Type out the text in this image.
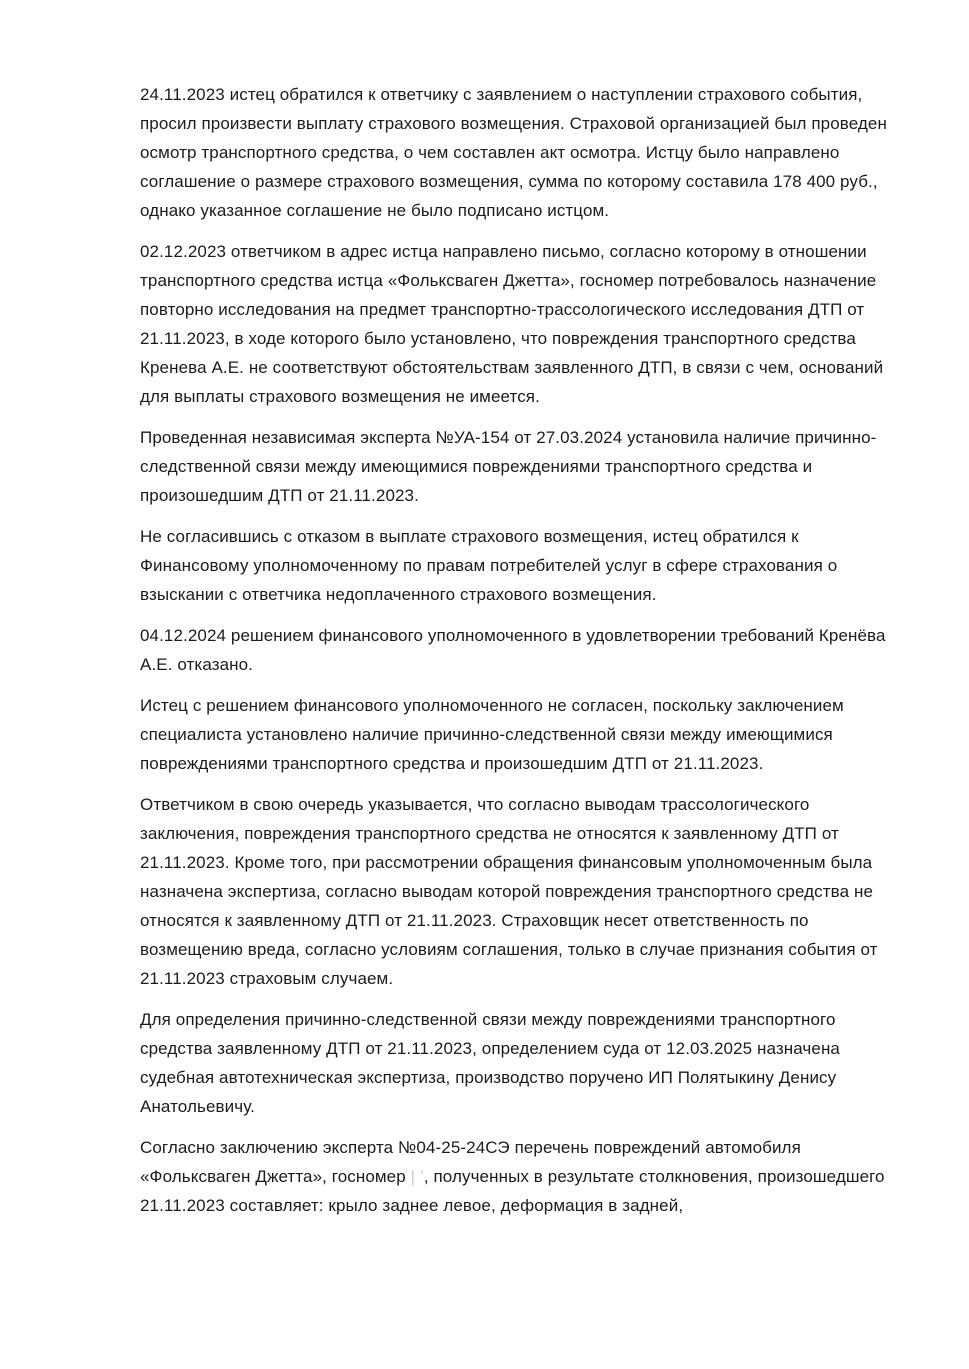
24.11.2023 истец обратился к ответчику с заявлением о наступлении страхового события, просил произвести выплату страхового возмещения. Страховой организацией был проведен осмотр транспортного средства, о чем составлен акт осмотра. Истцу было направлено соглашение о размере страхового возмещения, сумма по которому составила 178 400 руб., однако указанное соглашение не было подписано истцом.

02.12.2023 ответчиком в адрес истца направлено письмо, согласно которому в отношении транспортного средства истца «Фольксваген Джетта», госномер потребовалось назначение повторно исследования на предмет транспортно-трассологического исследования ДТП от 21.11.2023, в ходе которого было установлено, что повреждения транспортного средства Кренева А.Е. не соответствуют обстоятельствам заявленного ДТП, в связи с чем, оснований для выплаты страхового возмещения не имеется.

Проведенная независимая эксперта №УА-154 от 27.03.2024 установила наличие причинно-следственной связи между имеющимися повреждениями транспортного средства и произошедшим ДТП от 21.11.2023.

Не согласившись с отказом в выплате страхового возмещения, истец обратился к Финансовому уполномоченному по правам потребителей услуг в сфере страхования о взыскании с ответчика недоплаченного страхового возмещения.

04.12.2024 решением финансового уполномоченного в удовлетворении требований Кренёва А.Е. отказано.

Истец с решением финансового уполномоченного не согласен, поскольку заключением специалиста установлено наличие причинно-следственной связи между имеющимися повреждениями транспортного средства и произошедшим ДТП от 21.11.2023.

Ответчиком в свою очередь указывается, что согласно выводам трассологического заключения, повреждения транспортного средства не относятся к заявленному ДТП от 21.11.2023. Кроме того, при рассмотрении обращения финансовым уполномоченным была назначена экспертиза, согласно выводам которой повреждения транспортного средства не относятся к заявленному ДТП от 21.11.2023. Страховщик несет ответственность по возмещению вреда, согласно условиям соглашения, только в случае признания события от 21.11.2023 страховым случаем.

Для определения причинно-следственной связи между повреждениями транспортного средства заявленному ДТП от 21.11.2023, определением суда от 12.03.2025 назначена судебная автотехническая экспертиза, производство поручено ИП Полятыкину Денису Анатольевичу.

Согласно заключению эксперта №04-25-24СЭ перечень повреждений автомобиля «Фольксваген Джетта», госномер | ’, полученных в результате столкновения, произошедшего 21.11.2023 составляет: крыло заднее левое, деформация в задней,
